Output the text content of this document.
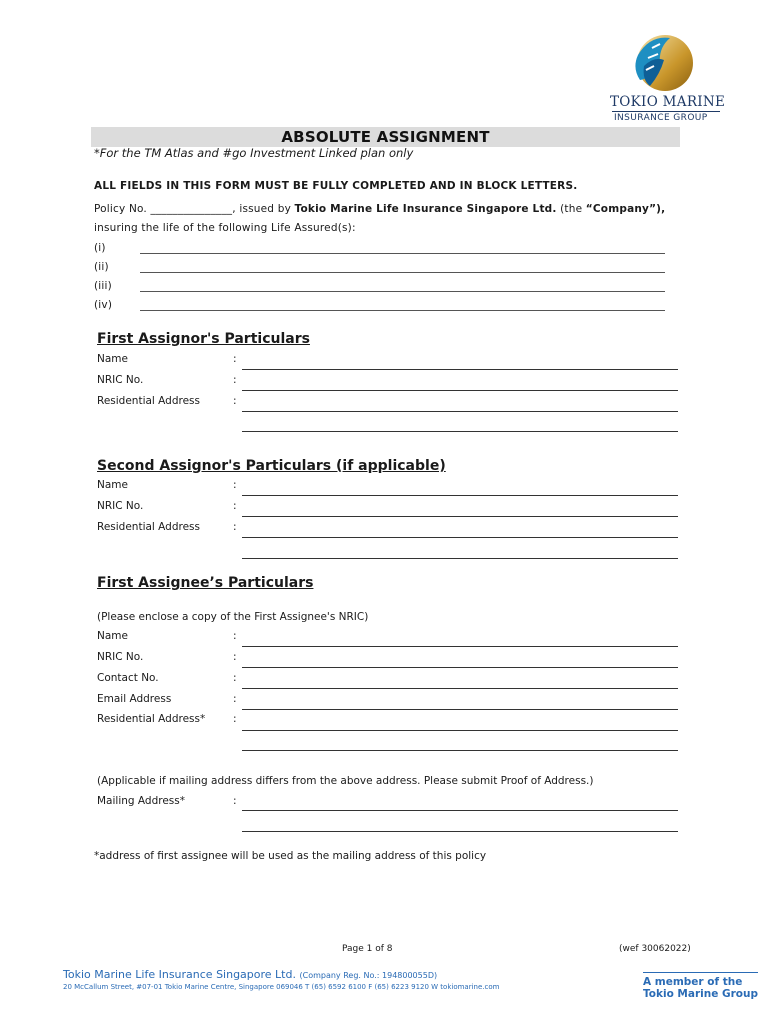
TOKIO MARINE
INSURANCE GROUP
ABSOLUTE ASSIGNMENT
*For the TM Atlas and #go Investment Linked plan only
ALL FIELDS IN THIS FORM MUST BE FULLY COMPLETED AND IN BLOCK LETTERS.
Policy No. _______________, issued by Tokio Marine Life Insurance Singapore Ltd. (the “Company”),
insuring the life of the following Life Assured(s):
(i)
(ii)
(iii)
(iv)
First Assignor's Particulars
Name	:
NRIC No.	:
Residential Address	:
Second Assignor's Particulars (if applicable)
Name	:
NRIC No.	:
Residential Address	:
First Assignee’s Particulars
(Please enclose a copy of the First Assignee's NRIC)
Name	:
NRIC No.	:
Contact No.	:
Email Address	:
Residential Address*	:
(Applicable if mailing address differs from the above address. Please submit Proof of Address.)
Mailing Address*	:
*address of first assignee will be used as the mailing address of this policy
Page 1 of 8	(wef 30062022)
Tokio Marine Life Insurance Singapore Ltd. (Company Reg. No.: 194800055D)
20 McCallum Street, #07-01 Tokio Marine Centre, Singapore 069046 T (65) 6592 6100 F (65) 6223 9120 W tokiomarine.com	A member of the
Tokio Marine Group
